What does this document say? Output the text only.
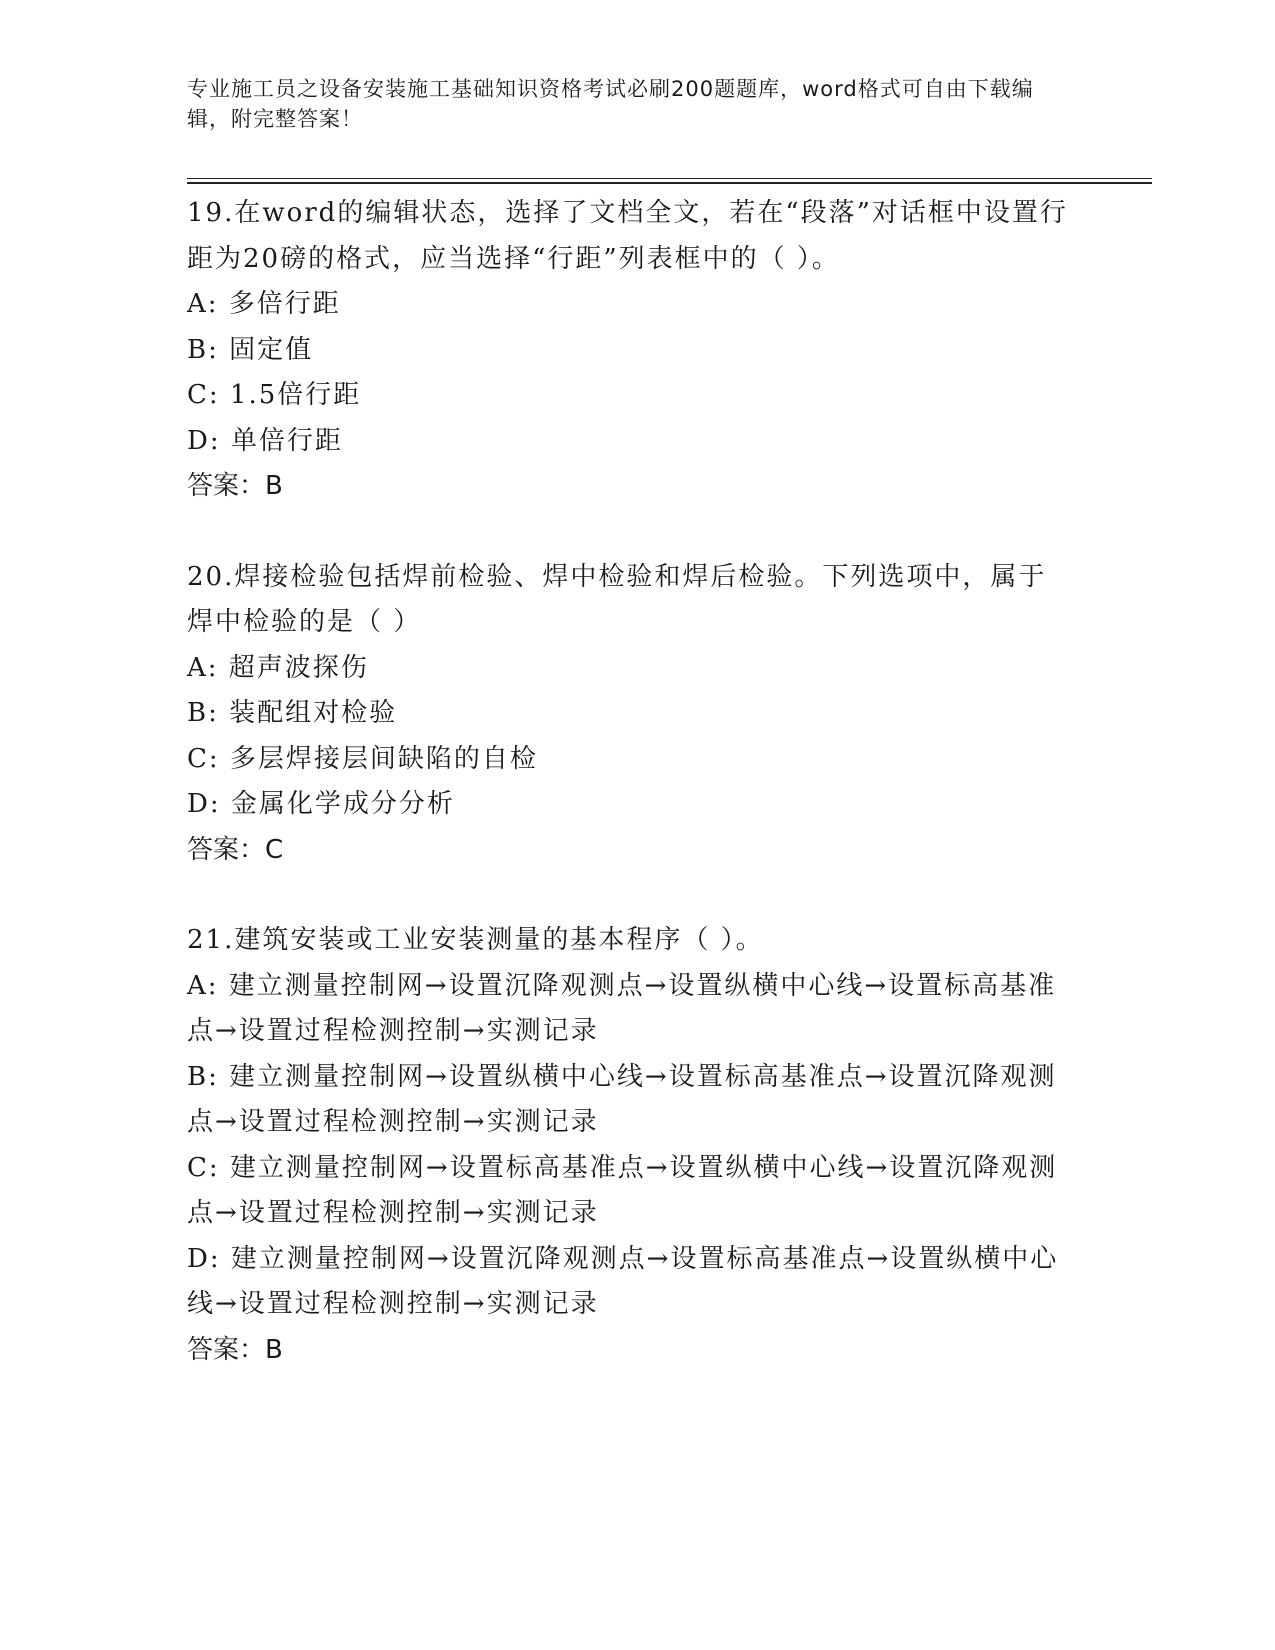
专业施工员之设备安装施工基础知识资格考试必刷200题题库，word格式可自由下载编辑，附完整答案！

19.在word的编辑状态，选择了文档全文，若在“段落”对话框中设置行距为20磅的格式，应当选择“行距”列表框中的（ ）。

A: 多倍行距

B: 固定值

C: 1.5倍行距

D: 单倍行距

答案：B

20.焊接检验包括焊前检验、焊中检验和焊后检验。下列选项中，属于焊中检验的是（ ）

A: 超声波探伤

B: 装配组对检验

C: 多层焊接层间缺陷的自检

D: 金属化学成分分析

答案：C

21.建筑安装或工业安装测量的基本程序（ ）。

A: 建立测量控制网→设置沉降观测点→设置纵横中心线→设置标高基准点→设置过程检测控制→实测记录

B: 建立测量控制网→设置纵横中心线→设置标高基准点→设置沉降观测点→设置过程检测控制→实测记录

C: 建立测量控制网→设置标高基准点→设置纵横中心线→设置沉降观测点→设置过程检测控制→实测记录

D: 建立测量控制网→设置沉降观测点→设置标高基准点→设置纵横中心线→设置过程检测控制→实测记录

答案：B
